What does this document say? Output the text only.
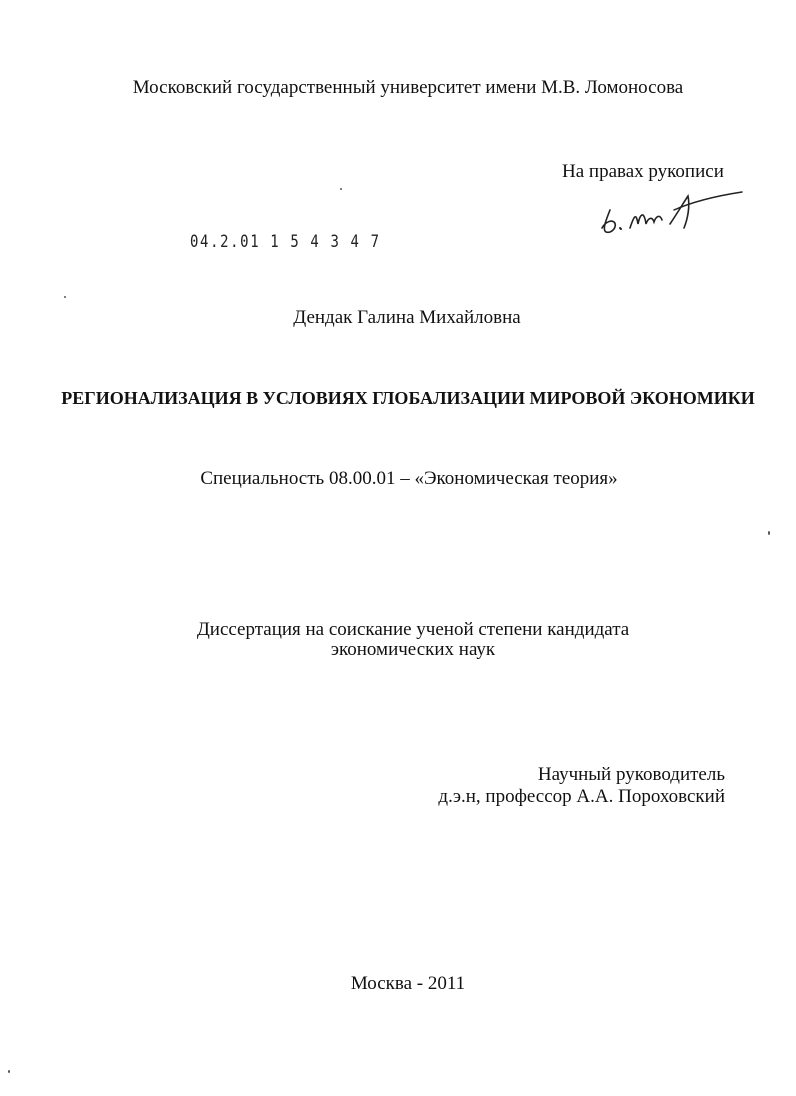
Московский государственный университет имени М.В. Ломоносова
На правах рукописи
04.2.01 1 5 4 3 4 7
Дендак Галина Михайловна
РЕГИОНАЛИЗАЦИЯ В УСЛОВИЯХ ГЛОБАЛИЗАЦИИ МИРОВОЙ ЭКОНОМИКИ
Специальность 08.00.01 – «Экономическая теория»
Диссертация на соискание ученой степени кандидата
экономических наук
Научный руководитель
д.э.н, профессор А.А. Пороховский
Москва - 2011
